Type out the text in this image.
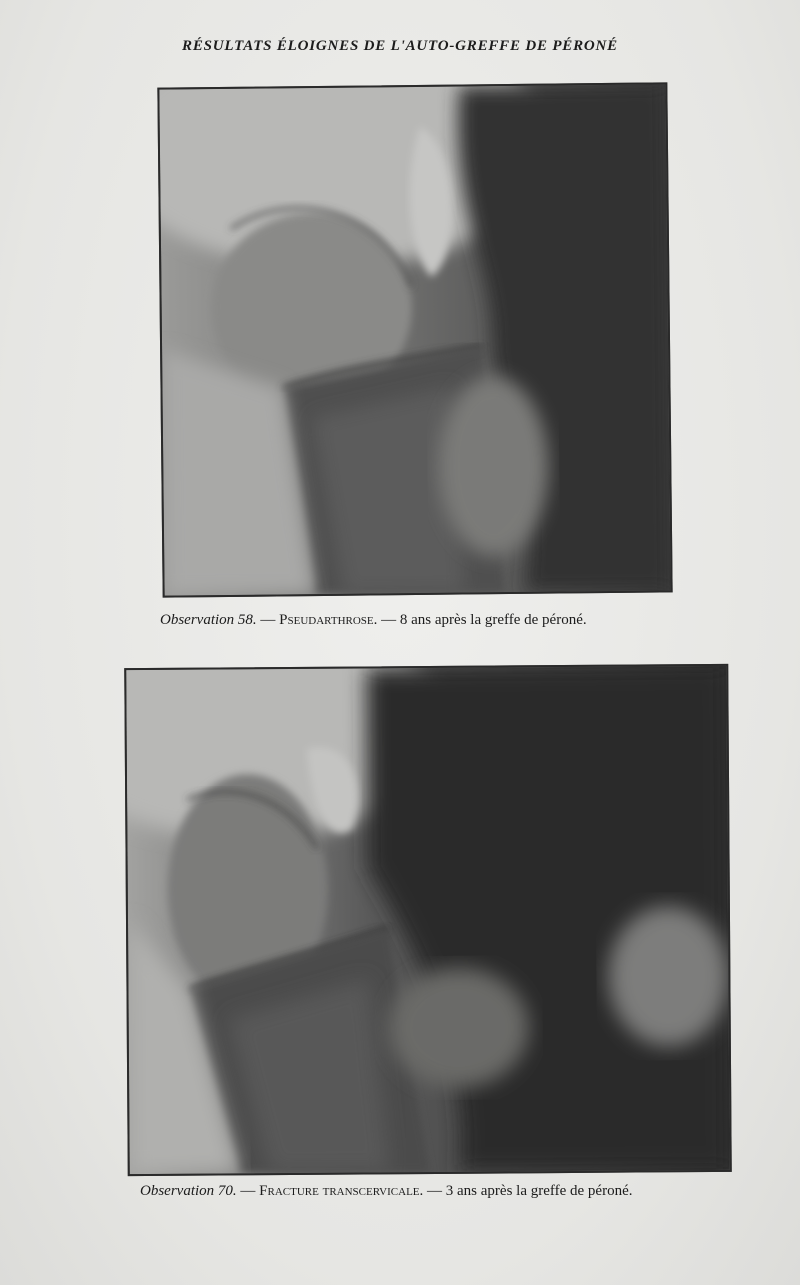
RÉSULTATS ÉLOIGNES DE L'AUTO-GREFFE DE PÉRONÉ
Observation 58. — Pseudarthrose. — 8 ans après la greffe de péroné.
Observation 70. — Fracture transcervicale. — 3 ans après la greffe de péroné.
